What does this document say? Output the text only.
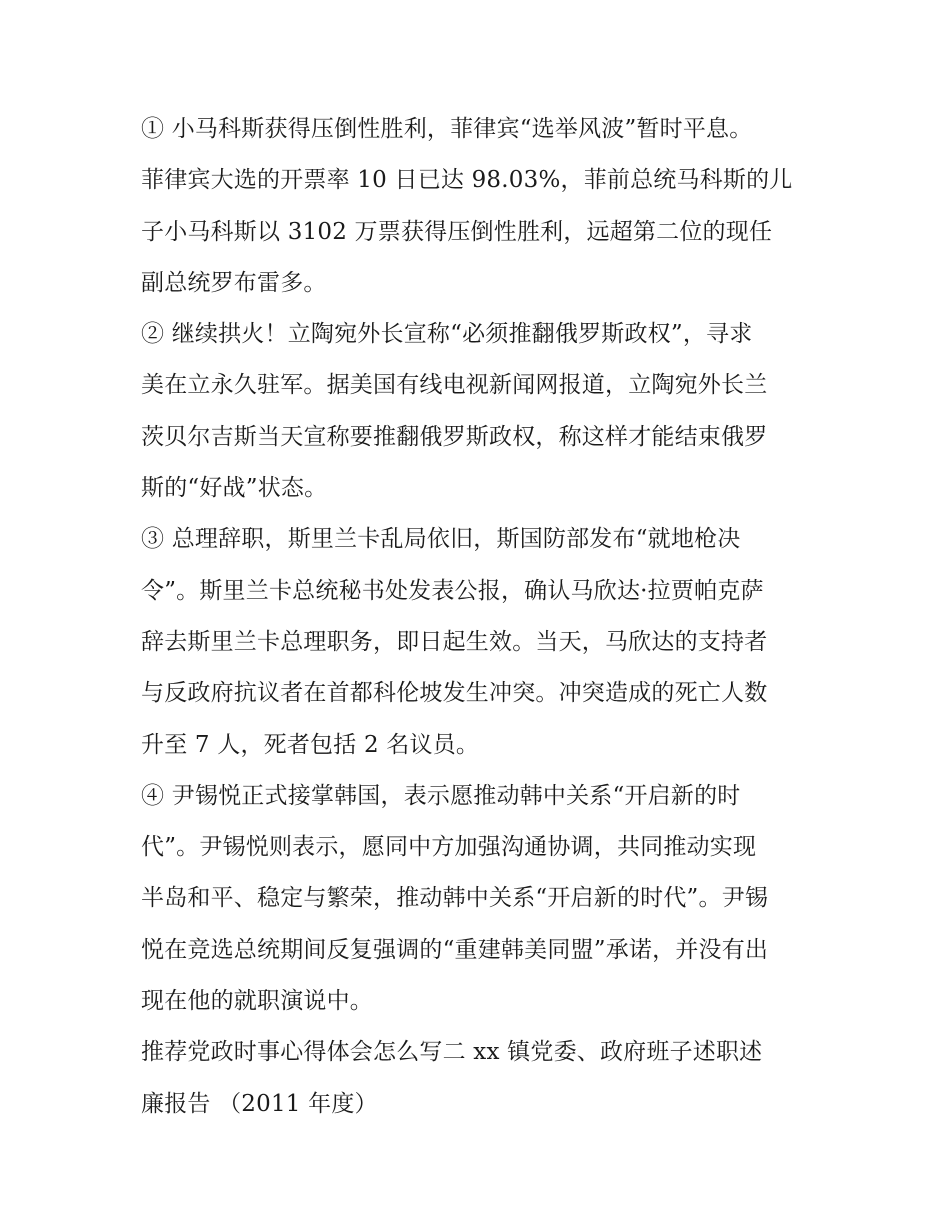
① 小马科斯获得压倒性胜利，菲律宾“选举风波”暂时平息。
菲律宾大选的开票率 10 日已达 98.03%，菲前总统马科斯的儿
子小马科斯以 3102 万票获得压倒性胜利，远超第二位的现任
副总统罗布雷多。
② 继续拱火！立陶宛外长宣称“必须推翻俄罗斯政权”，寻求
美在立永久驻军。据美国有线电视新闻网报道，立陶宛外长兰
茨贝尔吉斯当天宣称要推翻俄罗斯政权，称这样才能结束俄罗
斯的“好战”状态。
③ 总理辞职，斯里兰卡乱局依旧，斯国防部发布“就地枪决
令”。斯里兰卡总统秘书处发表公报，确认马欣达·拉贾帕克萨
辞去斯里兰卡总理职务，即日起生效。当天，马欣达的支持者
与反政府抗议者在首都科伦坡发生冲突。冲突造成的死亡人数
升至 7 人，死者包括 2 名议员。
④ 尹锡悦正式接掌韩国，表示愿推动韩中关系“开启新的时
代”。尹锡悦则表示，愿同中方加强沟通协调，共同推动实现
半岛和平、稳定与繁荣，推动韩中关系“开启新的时代”。尹锡
悦在竞选总统期间反复强调的“重建韩美同盟”承诺，并没有出
现在他的就职演说中。
推荐党政时事心得体会怎么写二 xx 镇党委、政府班子述职述
廉报告 （2011 年度）
